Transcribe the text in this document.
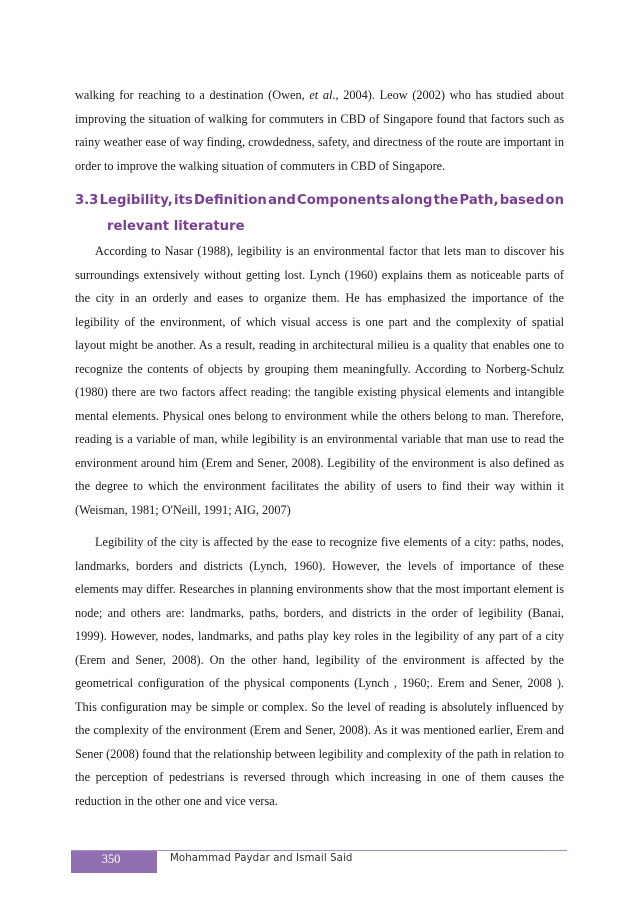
walking for reaching to a destination (Owen, et al., 2004). Leow (2002) who has studied about improving the situation of walking for commuters in CBD of Singapore found that factors such as rainy weather ease of way finding, crowdedness, safety, and directness of the route are important in order to improve the walking situation of commuters in CBD of Singapore.

3.3 Legibility, its Definition and Components along the Path, based on
relevant literature

According to Nasar (1988), legibility is an environmental factor that lets man to discover his surroundings extensively without getting lost. Lynch (1960) explains them as noticeable parts of the city in an orderly and eases to organize them. He has emphasized the importance of the legibility of the environment, of which visual access is one part and the complexity of spatial layout might be another. As a result, reading in architectural milieu is a quality that enables one to recognize the contents of objects by grouping them meaningfully. According to Norberg-Schulz (1980) there are two factors affect reading: the tangible existing physical elements and intangible mental elements. Physical ones belong to environment while the others belong to man. Therefore, reading is a variable of man, while legibility is an environmental variable that man use to read the environment around him (Erem and Sener, 2008). Legibility of the environment is also defined as the degree to which the environment facilitates the ability of users to find their way within it (Weisman, 1981; O'Neill, 1991; AIG, 2007)

Legibility of the city is affected by the ease to recognize five elements of a city: paths, nodes, landmarks, borders and districts (Lynch, 1960). However, the levels of importance of these elements may differ. Researches in planning environments show that the most important element is node; and others are: landmarks, paths, borders, and districts in the order of legibility (Banai, 1999). However, nodes, landmarks, and paths play key roles in the legibility of any part of a city (Erem and Sener, 2008). On the other hand, legibility of the environment is affected by the geometrical configuration of the physical components (Lynch , 1960;. Erem and Sener, 2008 ). This configuration may be simple or complex. So the level of reading is absolutely influenced by the complexity of the environment (Erem and Sener, 2008). As it was mentioned earlier, Erem and Sener (2008) found that the relationship between legibility and complexity of the path in relation to the perception of pedestrians is reversed through which increasing in one of them causes the reduction in the other one and vice versa.

350	Mohammad Paydar and Ismail Said
